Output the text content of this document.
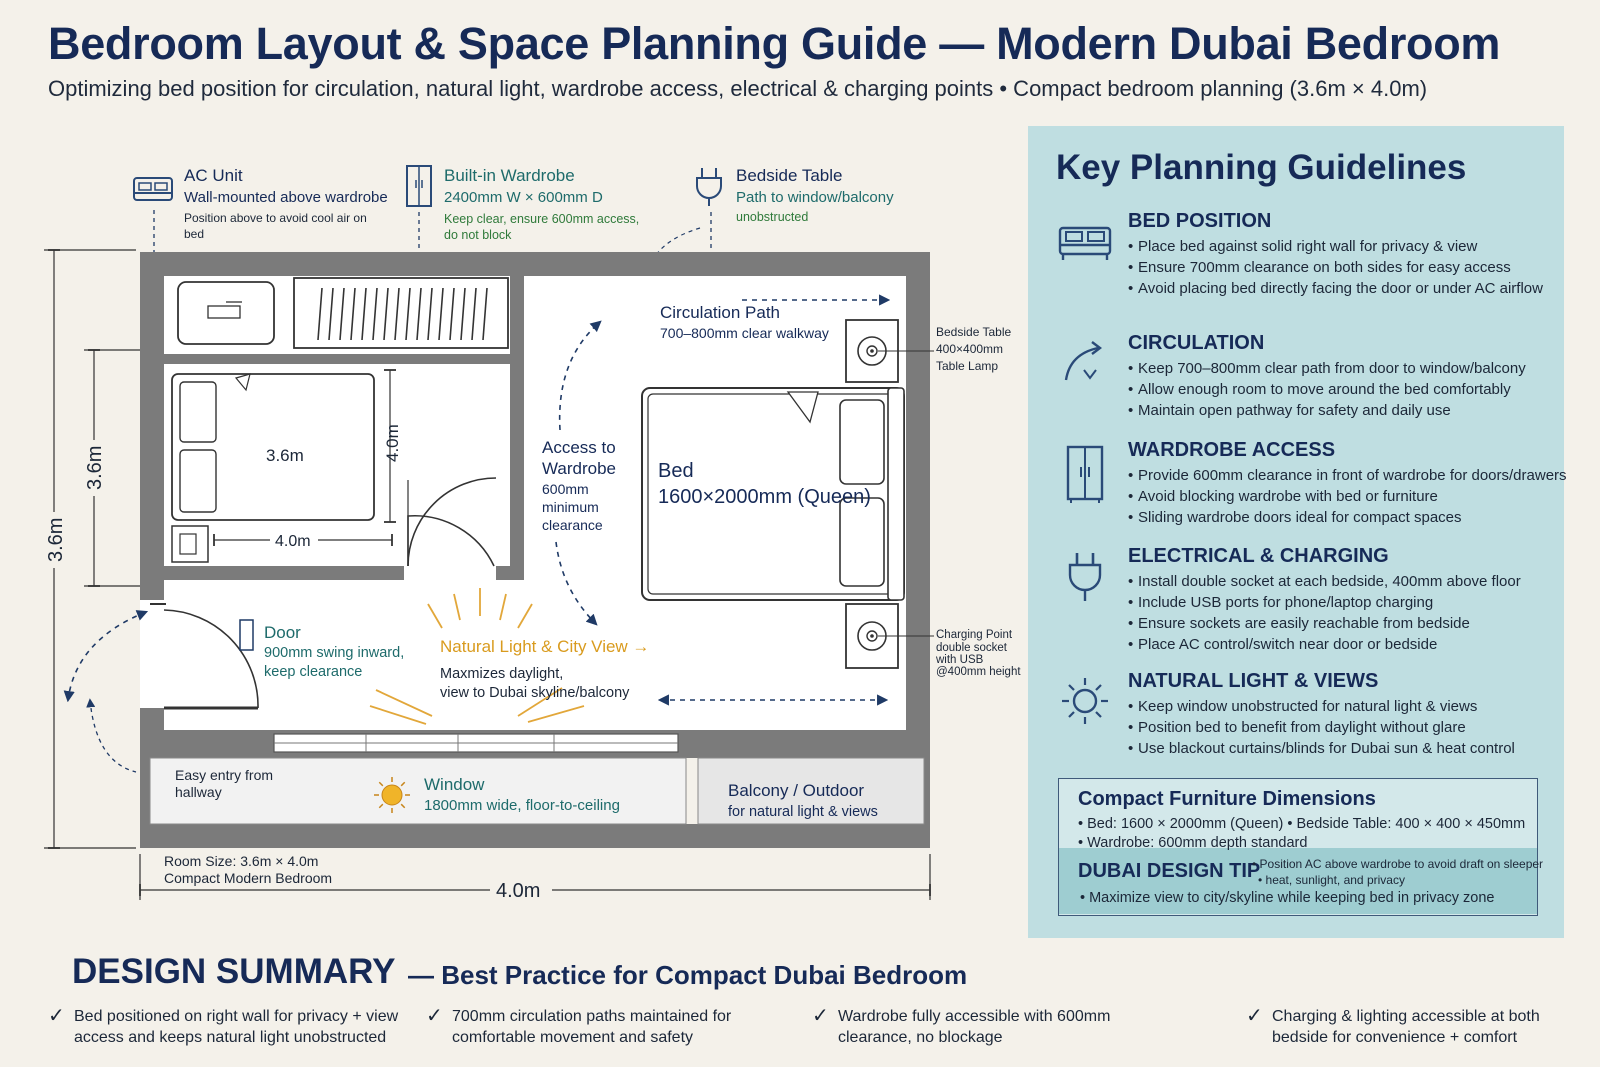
Bedroom Layout & Space Planning Guide — Modern Dubai Bedroom
Optimizing bed position for circulation, natural light, wardrobe access, electrical & charging points • Compact bedroom planning (3.6m × 4.0m)
AC Unit
Wall-mounted above wardrobe
Position above to avoid cool air on
bed
Built-in Wardrobe
2400mm W × 600mm D
Keep clear, ensure 600mm access,
do not block
Bedside Table
Path to window/balcony
unobstructed
3.6m	4.0m
4.0m
Bed
1600×2000mm (Queen)
Bedside Table
400×400mm
Table Lamp
Charging Point
double socket
with USB
@400mm height
Circulation Path
700–800mm clear walkway
Access to
Wardrobe
600mm
minimum
clearance
Door
900mm swing inward,
keep clearance
Natural Light & City View →
Maxmizes daylight,
view to Dubai skyline/balcony
Easy entry from
hallway	Window
1800mm wide, floor-to-ceiling
Balcony / Outdoor
for natural light & views
3.6m
3.6m
4.0m
Room Size: 3.6m × 4.0m
Compact Modern Bedroom
Key Planning Guidelines
BED POSITION
• Place bed against solid right wall for privacy & view
• Ensure 700mm clearance on both sides for easy access
• Avoid placing bed directly facing the door or under AC airflow
CIRCULATION
• Keep 700–800mm clear path from door to window/balcony
• Allow enough room to move around the bed comfortably
• Maintain open pathway for safety and daily use
WARDROBE ACCESS
• Provide 600mm clearance in front of wardrobe for doors/drawers
• Avoid blocking wardrobe with bed or furniture
• Sliding wardrobe doors ideal for compact spaces
ELECTRICAL & CHARGING
• Install double socket at each bedside, 400mm above floor
• Include USB ports for phone/laptop charging
• Ensure sockets are easily reachable from bedside
• Place AC control/switch near door or bedside
NATURAL LIGHT & VIEWS
• Keep window unobstructed for natural light & views
• Position bed to benefit from daylight without glare
• Use blackout curtains/blinds for Dubai sun & heat control
Compact Furniture Dimensions
• Bed: 1600 × 2000mm (Queen) • Bedside Table: 400 × 400 × 450mm
• Wardrobe: 600mm depth standard
DUBAI DESIGN TIP
• Position AC above wardrobe to avoid draft on sleeper
• heat, sunlight, and privacy
• Maximize view to city/skyline while keeping bed in privacy zone
DESIGN SUMMARY — Best Practice for Compact Dubai Bedroom
✓ Bed positioned on right wall for privacy + view access and keeps natural light unobstructed
✓ 700mm circulation paths maintained for comfortable movement and safety
✓ Wardrobe fully accessible with 600mm clearance, no blockage
✓ Charging & lighting accessible at both bedside for convenience + comfort
